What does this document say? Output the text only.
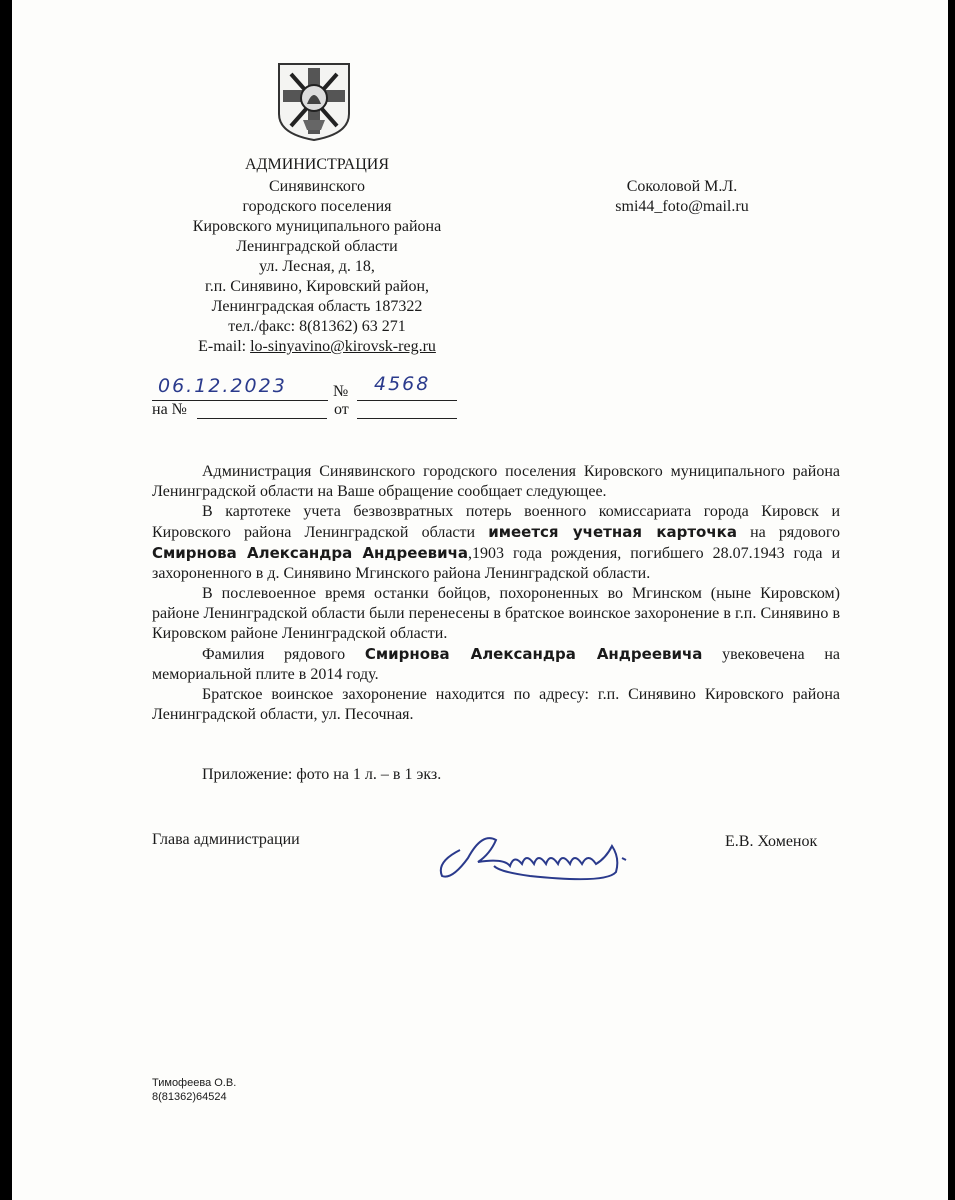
АДМИНИСТРАЦИЯ
Синявинского
городского поселения
Кировского муниципального района
Ленинградской области
ул. Лесная, д. 18,
г.п. Синявино, Кировский район,
Ленинградская область 187322
тел./факс: 8(81362) 63 271
E-mail: lo-sinyavino@kirovsk-reg.ru
Соколовой М.Л.
smi44_foto@mail.ru
06.12.2023	№ 4568
на №	от

Администрация Синявинского городского поселения Кировского муниципального района Ленинградской области на Ваше обращение сообщает следующее.

В картотеке учета безвозвратных потерь военного комиссариата города Кировск и Кировского района Ленинградской области имеется учетная карточка на рядового Смирнова Александра Андреевича,1903 года рождения, погибшего 28.07.1943 года и захороненного в д. Синявино Мгинского района Ленинградской области.

В послевоенное время останки бойцов, похороненных во Мгинском (ныне Кировском) районе Ленинградской области были перенесены в братское воинское захоронение в г.п. Синявино в Кировском районе Ленинградской области.

Фамилия рядового Смирнова Александра Андреевича увековечена на мемориальной плите в 2014 году.

Братское воинское захоронение находится по адресу: г.п. Синявино Кировского района Ленинградской области, ул. Песочная.

Приложение: фото на 1 л. – в 1 экз.
Глава администрации	Е.В. Хоменок
Тимофеева О.В.
8(81362)64524
